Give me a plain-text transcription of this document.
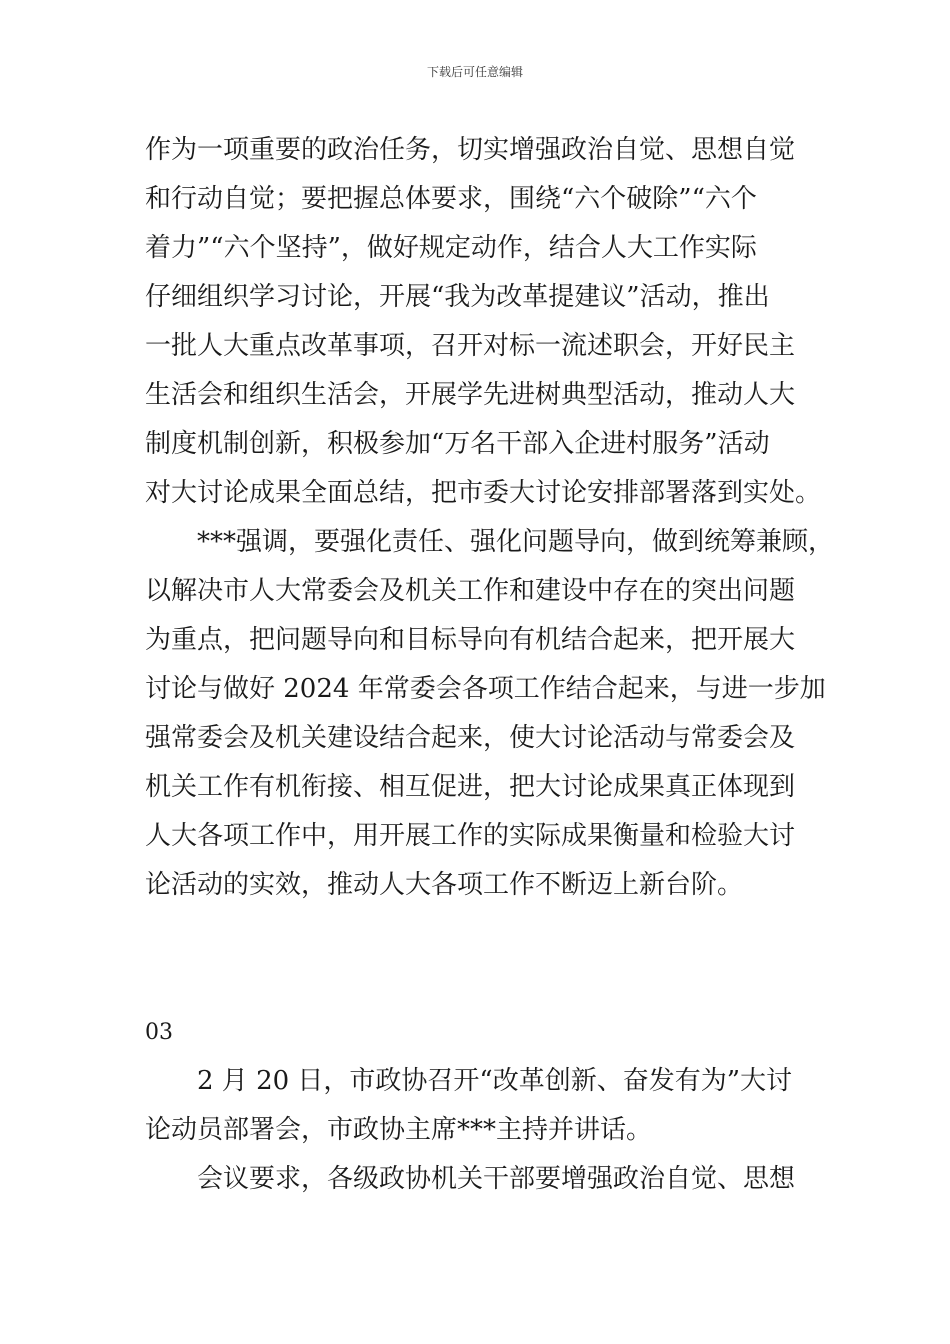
下载后可任意编辑
作为一项重要的政治任务，切实增强政治自觉、思想自觉
和行动自觉；要把握总体要求，围绕“六个破除”“六个
着力”“六个坚持”，做好规定动作，结合人大工作实际
仔细组织学习讨论，开展“我为改革提建议”活动，推出
一批人大重点改革事项，召开对标一流述职会，开好民主
生活会和组织生活会，开展学先进树典型活动，推动人大
制度机制创新，积极参加“万名干部入企进村服务”活动
对大讨论成果全面总结，把市委大讨论安排部署落到实处。
***强调，要强化责任、强化问题导向，做到统筹兼顾，
以解决市人大常委会及机关工作和建设中存在的突出问题
为重点，把问题导向和目标导向有机结合起来，把开展大
讨论与做好 2024 年常委会各项工作结合起来，与进一步加
强常委会及机关建设结合起来，使大讨论活动与常委会及
机关工作有机衔接、相互促进，把大讨论成果真正体现到
人大各项工作中，用开展工作的实际成果衡量和检验大讨
论活动的实效，推动人大各项工作不断迈上新台阶。
03
2 月 20 日，市政协召开“改革创新、奋发有为”大讨
论动员部署会，市政协主席***主持并讲话。
会议要求，各级政协机关干部要增强政治自觉、思想
